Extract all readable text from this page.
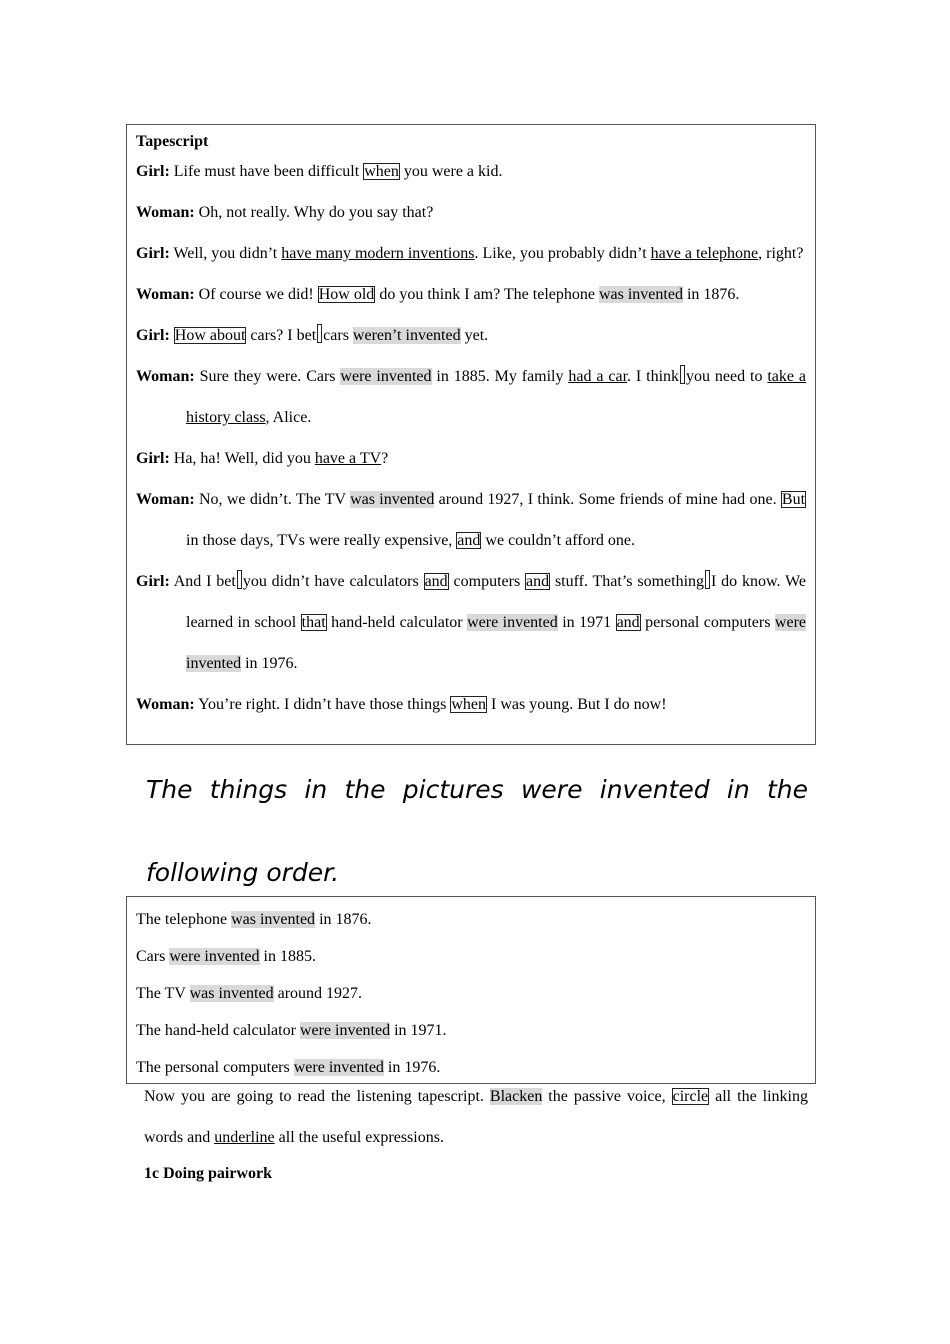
Tapescript
Girl: Life must have been difficult when you were a kid.
Woman: Oh, not really. Why do you say that?
Girl: Well, you didn’t have many modern inventions. Like, you probably didn’t have a telephone, right?
Woman: Of course we did! How old do you think I am? The telephone was invented in 1876.
Girl: How about cars? I bet cars weren’t invented yet.
Woman: Sure they were. Cars were invented in 1885. My family had a car. I think you need to take a history class, Alice.
Girl: Ha, ha! Well, did you have a TV?
Woman: No, we didn’t. The TV was invented around 1927, I think. Some friends of mine had one. But in those days, TVs were really expensive, and we couldn’t afford one.
Girl: And I bet you didn’t have calculators and computers and stuff. That’s something I do know. We learned in school that hand-held calculator were invented in 1971 and personal computers were invented in 1976.
Woman: You’re right. I didn’t have those things when I was young. But I do now!
The things in the pictures were invented in the following order.
The telephone was invented in 1876.
Cars were invented in 1885.
The TV was invented around 1927.
The hand-held calculator were invented in 1971.
The personal computers were invented in 1976.
Now you are going to read the listening tapescript. Blacken the passive voice, circle all the linking words and underline all the useful expressions.
1c Doing pairwork
